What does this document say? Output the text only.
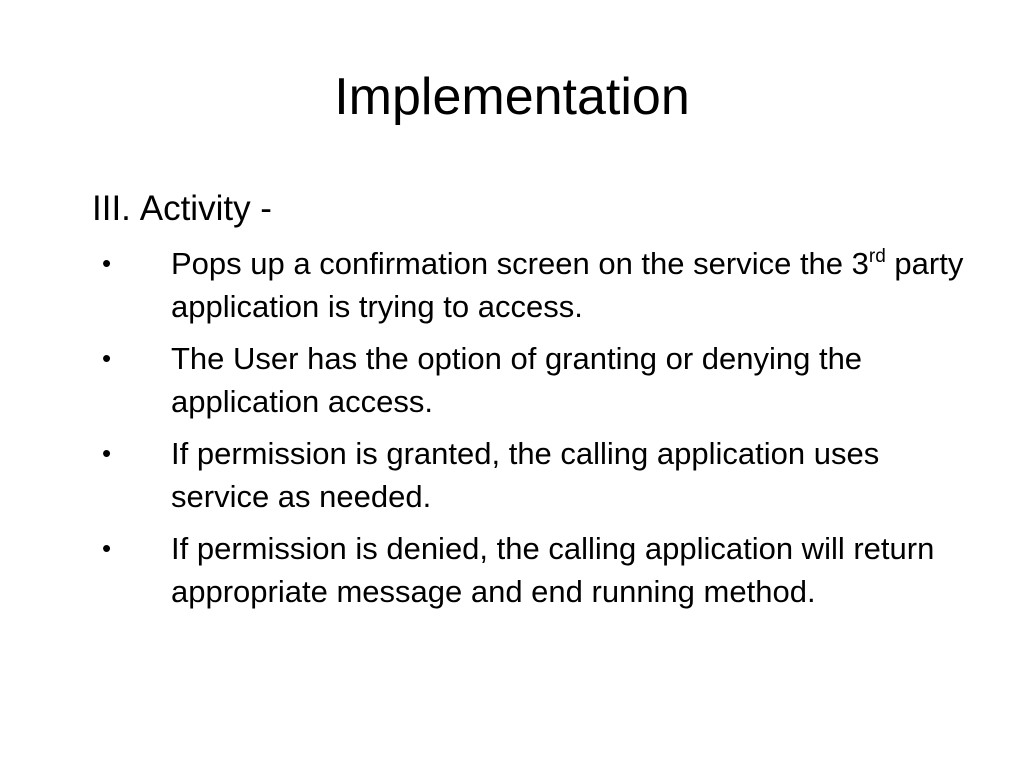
Implementation
III. Activity -
• Pops up a confirmation screen on the service the 3rd party application is trying to access.
• The User has the option of granting or denying the application access.
• If permission is granted, the calling application uses service as needed.
• If permission is denied, the calling application will return appropriate message and end running method.
